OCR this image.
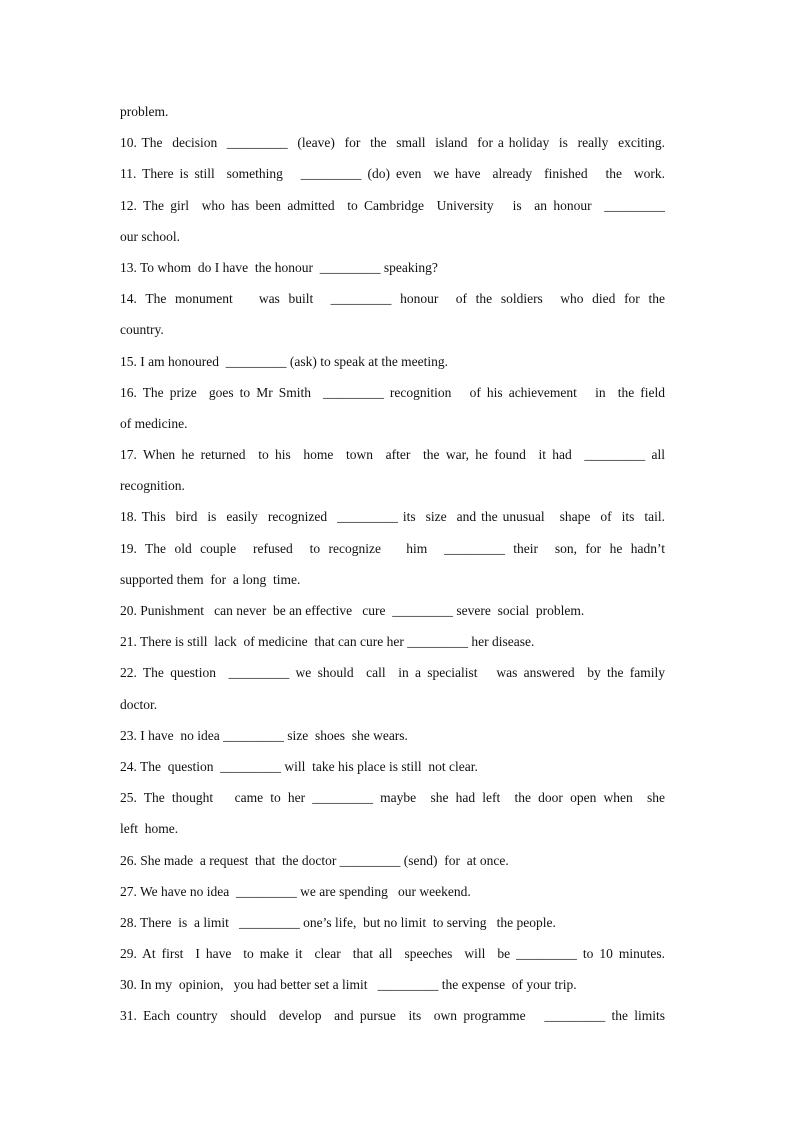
problem.
10. The  decision  _________  (leave)  for  the  small  island  for a holiday  is  really  exciting.
11. There is still  something   _________ (do) even  we have  already  finished   the  work.
12. The girl  who has been admitted  to Cambridge  University   is  an honour  _________
our school.
13. To whom  do I have  the honour  _________ speaking?
14. The monument   was built  _________ honour  of the soldiers  who died for the
country.
15. I am honoured  _________ (ask) to speak at the meeting.
16. The prize  goes to Mr Smith  _________ recognition   of his achievement   in  the field
of medicine.
17. When he returned  to his  home  town  after  the war, he found  it had  _________ all
recognition.
18. This  bird  is  easily  recognized  _________ its  size  and the unusual   shape  of  its  tail.
19. The old couple  refused  to recognize   him  _________ their  son, for he hadn’t
supported them  for  a long  time.
20. Punishment   can never  be an effective   cure  _________ severe  social  problem.
21. There is still  lack  of medicine  that can cure her _________ her disease.
22. The question  _________ we should  call  in a specialist   was answered  by the family
doctor.
23. I have  no idea _________ size  shoes  she wears.
24. The  question  _________ will  take his place is still  not clear.
25. The thought   came to her _________ maybe  she had left  the door open when  she
left  home.
26. She made  a request  that  the doctor _________ (send)  for  at once.
27. We have no idea  _________ we are spending   our weekend.
28. There  is  a limit   _________ one’s life,  but no limit  to serving   the people.
29. At first  I have  to make it  clear  that all  speeches  will  be _________ to 10 minutes.
30. In my  opinion,   you had better set a limit   _________ the expense  of your trip.
31. Each country  should  develop  and pursue  its  own programme   _________ the limits
